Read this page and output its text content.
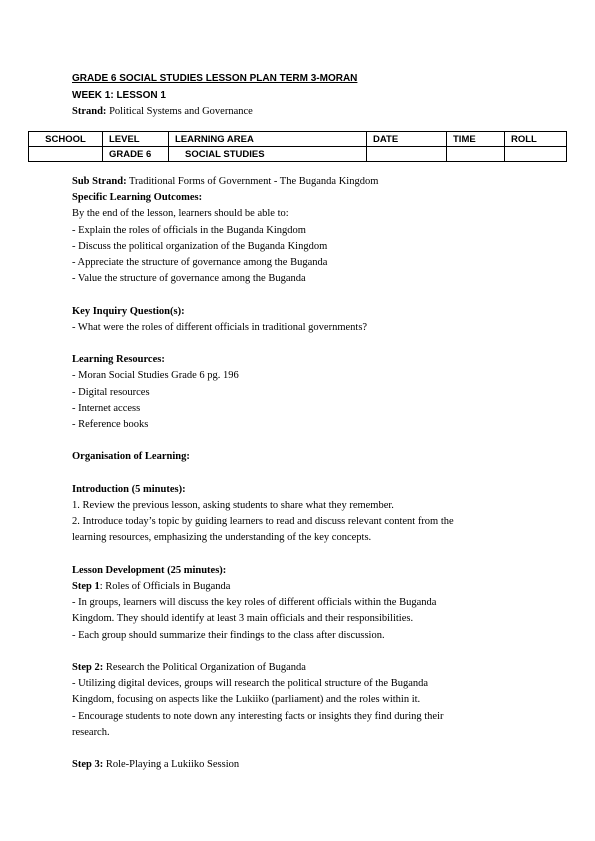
GRADE 6 SOCIAL STUDIES LESSON PLAN TERM 3-MORAN
WEEK 1: LESSON 1
Strand: Political Systems and Governance
SCHOOL	LEVEL	LEARNING AREA	DATE	TIME	ROLL
	GRADE 6	SOCIAL STUDIES			

Sub Strand: Traditional Forms of Government - The Buganda Kingdom

Specific Learning Outcomes:

By the end of the lesson, learners should be able to:

- Explain the roles of officials in the Buganda Kingdom

- Discuss the political organization of the Buganda Kingdom

- Appreciate the structure of governance among the Buganda

- Value the structure of governance among the Buganda

Key Inquiry Question(s):

- What were the roles of different officials in traditional governments?

Learning Resources:

- Moran Social Studies Grade 6 pg. 196

- Digital resources

- Internet access

- Reference books

Organisation of Learning:

Introduction (5 minutes):

1. Review the previous lesson, asking students to share what they remember.

2. Introduce today’s topic by guiding learners to read and discuss relevant content from the

learning resources, emphasizing the understanding of the key concepts.

Lesson Development (25 minutes):

Step 1: Roles of Officials in Buganda

- In groups, learners will discuss the key roles of different officials within the Buganda

Kingdom. They should identify at least 3 main officials and their responsibilities.

- Each group should summarize their findings to the class after discussion.

Step 2: Research the Political Organization of Buganda

- Utilizing digital devices, groups will research the political structure of the Buganda

Kingdom, focusing on aspects like the Lukiiko (parliament) and the roles within it.

- Encourage students to note down any interesting facts or insights they find during their

research.

Step 3: Role-Playing a Lukiiko Session
